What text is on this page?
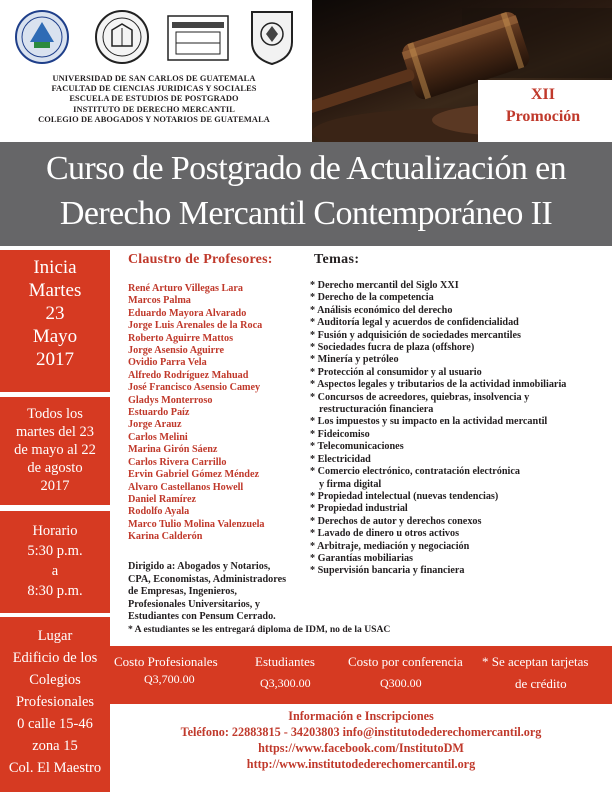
UNIVERSIDAD DE SAN CARLOS DE GUATEMALA
FACULTAD DE CIENCIAS JURIDICAS Y SOCIALES
ESCUELA DE ESTUDIOS DE POSTGRADO
INSTITUTO DE DERECHO MERCANTIL
COLEGIO DE ABOGADOS Y NOTARIOS DE GUATEMALA
XII
Promoción
Curso de Postgrado de Actualización en
Derecho Mercantil Contemporáneo II
Inicia
Martes
23
Mayo
2017
Todos los
martes del 23
de mayo al 22
de agosto
2017
Horario
5:30 p.m.
a
8:30 p.m.
Lugar
Edificio de los
Colegios
Profesionales
0 calle 15-46
zona 15
Col. El Maestro
Claustro de Profesores:
René Arturo Villegas Lara
Marcos Palma
Eduardo Mayora Alvarado
Jorge Luis Arenales de la Roca
Roberto Aguirre Mattos
Jorge Asensio Aguirre
Ovidio Parra Vela
Alfredo Rodríguez Mahuad
José Francisco Asensio Camey
Gladys Monterroso
Estuardo Paíz
Jorge Arauz
Carlos Melini
Marina Girón Sáenz
Carlos Rivera Carrillo
Ervin Gabriel Gómez Méndez
Alvaro Castellanos Howell
Daniel Ramírez
Rodolfo Ayala
Marco Tulio Molina Valenzuela
Karina Calderón
Dirigido a: Abogados y Notarios,
CPA, Economistas, Administradores
de Empresas, Ingenieros,
Profesionales Universitarios, y
Estudiantes con Pensum Cerrado.
* A estudiantes se les entregará diploma de IDM, no de la USAC
Temas:
* Derecho mercantil del Siglo XXI
* Derecho de la competencia
* Análisis económico del derecho
* Auditoría legal y acuerdos de confidencialidad
* Fusión y adquisición de sociedades mercantiles
* Sociedades fucra de plaza (offshore)
* Minería y petróleo
* Protección al consumidor y al usuario
* Aspectos legales y tributarios de la actividad inmobiliaria
* Concursos de acreedores, quiebras, insolvencia y
restructuración financiera
* Los impuestos y su impacto en la actividad mercantil
* Fideicomiso
* Telecomunicaciones
* Electricidad
* Comercio electrónico, contratación electrónica
y firma digital
* Propiedad intelectual (nuevas tendencias)
* Propiedad industrial
* Derechos de autor y derechos conexos
* Lavado de dinero u otros activos
* Arbitraje, mediación y negociación
* Garantías mobiliarias
* Supervisión bancaria y financiera
Costo Profesionales
Q3,700.00
Estudiantes
Q3,300.00
Costo por conferencia
Q300.00
* Se aceptan tarjetas
de crédito
Información e Inscripciones
Teléfono: 22883815 - 34203803 info@institutodederechomercantil.org
https://www.facebook.com/InstitutoDM
http://www.institutodederechomercantil.org
